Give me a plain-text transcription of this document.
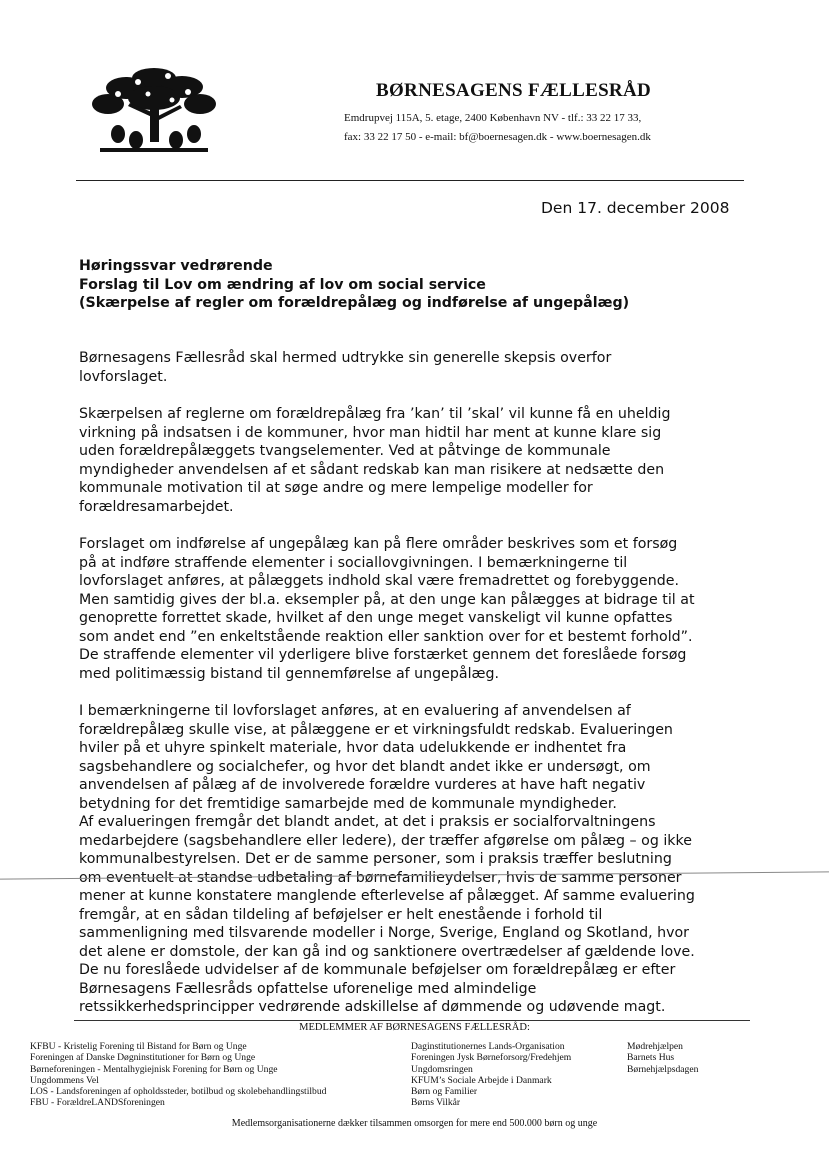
BØRNESAGENS FÆLLESRÅD
Emdrupvej 115A, 5. etage, 2400 København NV - tlf.: 33 22 17 33,
fax: 33 22 17 50 - e-mail: bf@boernesagen.dk - www.boernesagen.dk
Den 17. december 2008
Høringssvar vedrørende
Forslag til Lov om ændring af lov om social service
(Skærpelse af regler om forældrepålæg og indførelse af ungepålæg)

Børnesagens Fællesråd skal hermed udtrykke sin generelle skepsis overfor
lovforslaget.

Skærpelsen af reglerne om forældrepålæg fra ’kan’ til ’skal’ vil kunne få en uheldig
virkning på indsatsen i de kommuner, hvor man hidtil har ment at kunne klare sig
uden forældrepålæggets tvangselementer. Ved at påtvinge de kommunale
myndigheder anvendelsen af et sådant redskab kan man risikere at nedsætte den
kommunale motivation til at søge andre og mere lempelige modeller for
forældresamarbejdet.

Forslaget om indførelse af ungepålæg kan på flere områder beskrives som et forsøg
på at indføre straffende elementer i sociallovgivningen. I bemærkningerne til
lovforslaget anføres, at pålæggets indhold skal være fremadrettet og forebyggende.
Men samtidig gives der bl.a. eksempler på, at den unge kan pålægges at bidrage til at
genoprette forrettet skade, hvilket af den unge meget vanskeligt vil kunne opfattes
som andet end ”en enkeltstående reaktion eller sanktion over for et bestemt forhold”.
De straffende elementer vil yderligere blive forstærket gennem det foreslåede forsøg
med politimæssig bistand til gennemførelse af ungepålæg.

I bemærkningerne til lovforslaget anføres, at en evaluering af anvendelsen af
forældrepålæg skulle vise, at pålæggene er et virkningsfuldt redskab. Evalueringen
hviler på et uhyre spinkelt materiale, hvor data udelukkende er indhentet fra
sagsbehandlere og socialchefer, og hvor det blandt andet ikke er undersøgt, om
anvendelsen af pålæg af de involverede forældre vurderes at have haft negativ
betydning for det fremtidige samarbejde med de kommunale myndigheder.
Af evalueringen fremgår det blandt andet, at det i praksis er socialforvaltningens
medarbejdere (sagsbehandlere eller ledere), der træffer afgørelse om pålæg – og ikke
kommunalbestyrelsen. Det er de samme personer, som i praksis træffer beslutning
om eventuelt at standse udbetaling af børnefamilieydelser, hvis de samme personer
mener at kunne konstatere manglende efterlevelse af pålægget. Af samme evaluering
fremgår, at en sådan tildeling af beføjelser er helt enestående i forhold til
sammenligning med tilsvarende modeller i Norge, Sverige, England og Skotland, hvor
det alene er domstole, der kan gå ind og sanktionere overtrædelser af gældende love.
De nu foreslåede udvidelser af de kommunale beføjelser om forældrepålæg er efter
Børnesagens Fællesråds opfattelse uforenelige med almindelige
retssikkerhedsprincipper vedrørende adskillelse af dømmende og udøvende magt.

MEDLEMMER AF BØRNESAGENS FÆLLESRÅD:
KFBU - Kristelig Forening til Bistand for Børn og Unge
Foreningen af Danske Døgninstitutioner for Børn og Unge
Børneforeningen - Mentalhygiejnisk Forening for Børn og Unge
Ungdommens Vel
LOS - Landsforeningen af opholdssteder, botilbud og skolebehandlingstilbud
FBU - ForældreLANDSforeningen
Daginstitutionernes Lands-Organisation
Foreningen Jysk Børneforsorg/Fredehjem
Ungdomsringen
KFUM’s Sociale Arbejde i Danmark
Børn og Familier
Børns Vilkår
Mødrehjælpen
Barnets Hus
Børnehjælpsdagen
Medlemsorganisationerne dækker tilsammen omsorgen for mere end 500.000 børn og unge
